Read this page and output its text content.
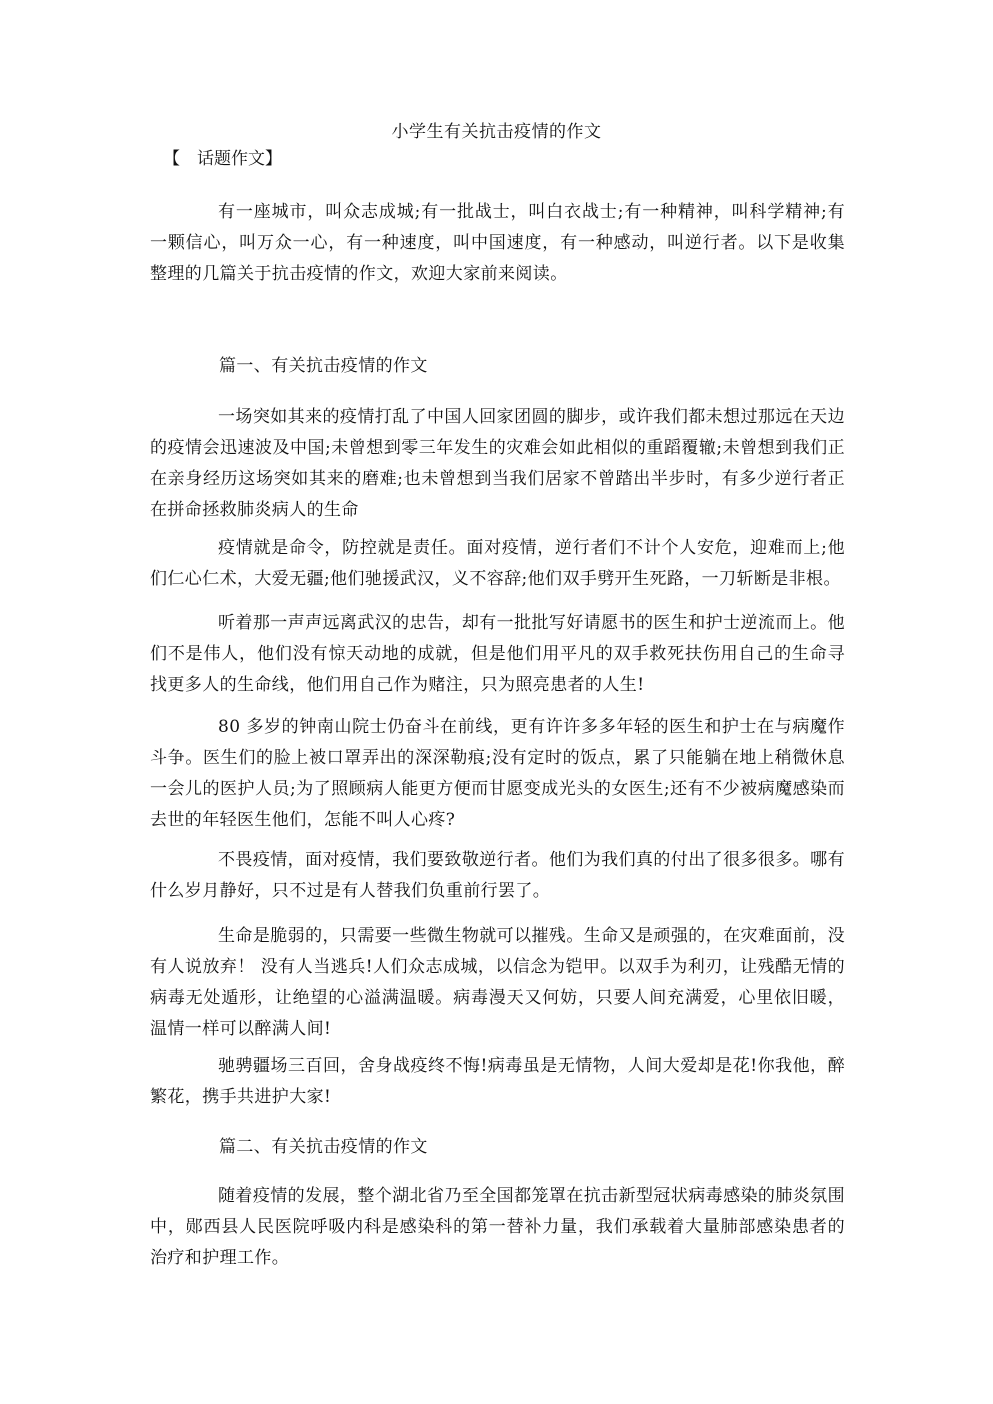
小学生有关抗击疫情的作文
【　话题作文】

有一座城市，叫众志成城;有一批战士，叫白衣战士;有一种精神，叫科学精神;有一颗信心，叫万众一心，有一种速度，叫中国速度，有一种感动，叫逆行者。以下是收集整理的几篇关于抗击疫情的作文，欢迎大家前来阅读。

篇一、有关抗击疫情的作文

一场突如其来的疫情打乱了中国人回家团圆的脚步，或许我们都未想过那远在天边的疫情会迅速波及中国;未曾想到零三年发生的灾难会如此相似的重蹈覆辙;未曾想到我们正在亲身经历这场突如其来的磨难;也未曾想到当我们居家不曾踏出半步时，有多少逆行者正在拼命拯救肺炎病人的生命

疫情就是命令，防控就是责任。面对疫情，逆行者们不计个人安危，迎难而上;他们仁心仁术，大爱无疆;他们驰援武汉，义不容辞;他们双手劈开生死路，一刀斩断是非根。

听着那一声声远离武汉的忠告，却有一批批写好请愿书的医生和护士逆流而上。他们不是伟人，他们没有惊天动地的成就，但是他们用平凡的双手救死扶伤用自己的生命寻找更多人的生命线，他们用自己作为赌注，只为照亮患者的人生!

80 多岁的钟南山院士仍奋斗在前线，更有许许多多年轻的医生和护士在与病魔作斗争。医生们的脸上被口罩弄出的深深勒痕;没有定时的饭点，累了只能躺在地上稍微休息一会儿的医护人员;为了照顾病人能更方便而甘愿变成光头的女医生;还有不少被病魔感染而去世的年轻医生他们，怎能不叫人心疼?

不畏疫情，面对疫情，我们要致敬逆行者。他们为我们真的付出了很多很多。哪有什么岁月静好，只不过是有人替我们负重前行罢了。

生命是脆弱的，只需要一些微生物就可以摧残。生命又是顽强的，在灾难面前，没有人说放弃！ 没有人当逃兵!人们众志成城，以信念为铠甲。以双手为利刃，让残酷无情的病毒无处遁形，让绝望的心溢满温暖。病毒漫天又何妨，只要人间充满爱，心里依旧暖，温情一样可以醉满人间!

驰骋疆场三百回，舍身战疫终不悔!病毒虽是无情物，人间大爱却是花!你我他，醉繁花，携手共进护大家!

篇二、有关抗击疫情的作文

随着疫情的发展，整个湖北省乃至全国都笼罩在抗击新型冠状病毒感染的肺炎氛围中，郧西县人民医院呼吸内科是感染科的第一替补力量，我们承载着大量肺部感染患者的治疗和护理工作。
